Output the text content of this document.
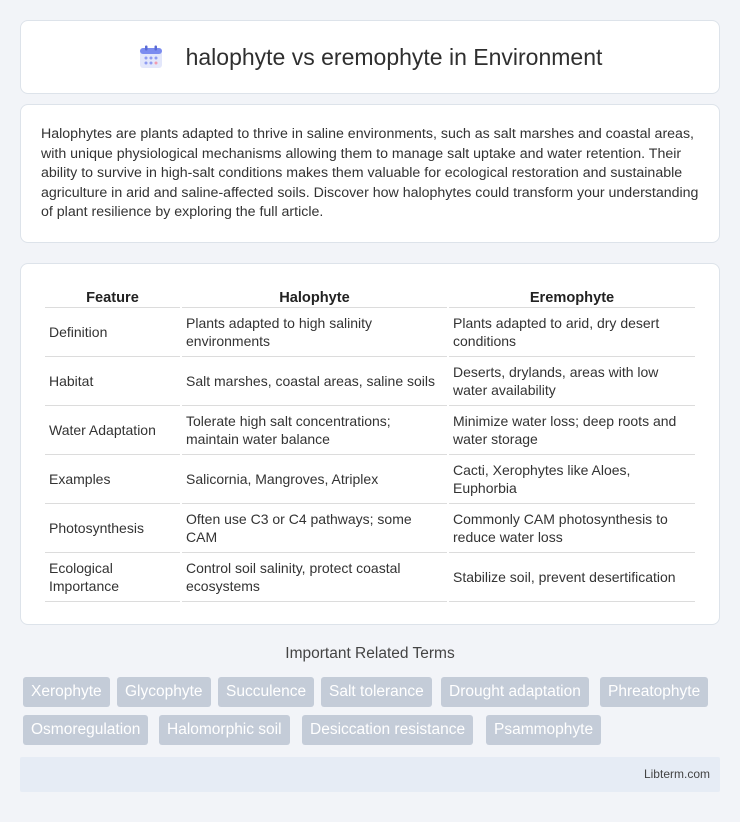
halophyte vs eremophyte in Environment

Halophytes are plants adapted to thrive in saline environments, such as salt marshes and coastal areas, with unique physiological mechanisms allowing them to manage salt uptake and water retention. Their ability to survive in high-salt conditions makes them valuable for ecological restoration and sustainable agriculture in arid and saline-affected soils. Discover how halophytes could transform your understanding of plant resilience by exploring the full article.

Feature	Halophyte	Eremophyte
Definition	Plants adapted to high salinity environments	Plants adapted to arid, dry desert conditions
Habitat	Salt marshes, coastal areas, saline soils	Deserts, drylands, areas with low water availability
Water Adaptation	Tolerate high salt concentrations; maintain water balance	Minimize water loss; deep roots and water storage
Examples	Salicornia, Mangroves, Atriplex	Cacti, Xerophytes like Aloes, Euphorbia
Photosynthesis	Often use C3 or C4 pathways; some CAM	Commonly CAM photosynthesis to reduce water loss
Ecological Importance	Control soil salinity, protect coastal ecosystems	Stabilize soil, prevent desertification
Important Related Terms
Xerophyte	Glycophyte	Succulence	Salt tolerance	Drought adaptation	Phreatophyte
Osmoregulation	Halomorphic soil	Desiccation resistance	Psammophyte
Libterm.com
